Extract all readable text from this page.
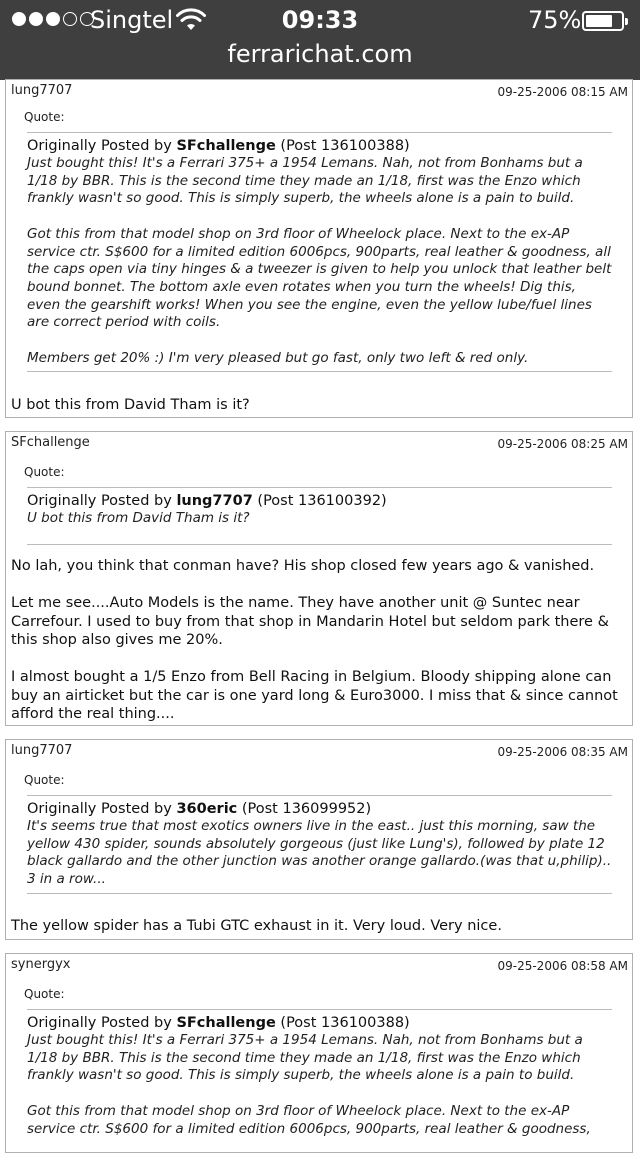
Singtel	09:33	75%
ferrarichat.com
lung7707	09-25-2006 08:15 AM
Quote:
Originally Posted by SFchallenge (Post 136100388)
Just bought this! It's a Ferrari 375+ a 1954 Lemans. Nah, not from Bonhams but a 1/18 by BBR. This is the second time they made an 1/18, first was the Enzo which frankly wasn't so good. This is simply superb, the wheels alone is a pain to build.

Got this from that model shop on 3rd floor of Wheelock place. Next to the ex-AP service ctr. S$600 for a limited edition 6006pcs, 900parts, real leather & goodness, all the caps open via tiny hinges & a tweezer is given to help you unlock that leather belt bound bonnet. The bottom axle even rotates when you turn the wheels! Dig this, even the gearshift works! When you see the engine, even the yellow lube/fuel lines are correct period with coils.

Members get 20% :) I'm very pleased but go fast, only two left & red only.
U bot this from David Tham is it?
SFchallenge	09-25-2006 08:25 AM
Quote:
Originally Posted by lung7707 (Post 136100392)
U bot this from David Tham is it?
No lah, you think that conman have? His shop closed few years ago & vanished.

Let me see....Auto Models is the name. They have another unit @ Suntec near Carrefour. I used to buy from that shop in Mandarin Hotel but seldom park there & this shop also gives me 20%.

I almost bought a 1/5 Enzo from Bell Racing in Belgium. Bloody shipping alone can buy an airticket but the car is one yard long & Euro3000. I miss that & since cannot afford the real thing....
lung7707	09-25-2006 08:35 AM
Quote:
Originally Posted by 360eric (Post 136099952)
It's seems true that most exotics owners live in the east.. just this morning, saw the yellow 430 spider, sounds absolutely gorgeous (just like Lung's), followed by plate 12 black gallardo and the other junction was another orange gallardo.(was that u,philip).. 3 in a row...
The yellow spider has a Tubi GTC exhaust in it. Very loud. Very nice.
synergyx	09-25-2006 08:58 AM
Quote:
Originally Posted by SFchallenge (Post 136100388)
Just bought this! It's a Ferrari 375+ a 1954 Lemans. Nah, not from Bonhams but a 1/18 by BBR. This is the second time they made an 1/18, first was the Enzo which frankly wasn't so good. This is simply superb, the wheels alone is a pain to build.

Got this from that model shop on 3rd floor of Wheelock place. Next to the ex-AP service ctr. S$600 for a limited edition 6006pcs, 900parts, real leather & goodness,
